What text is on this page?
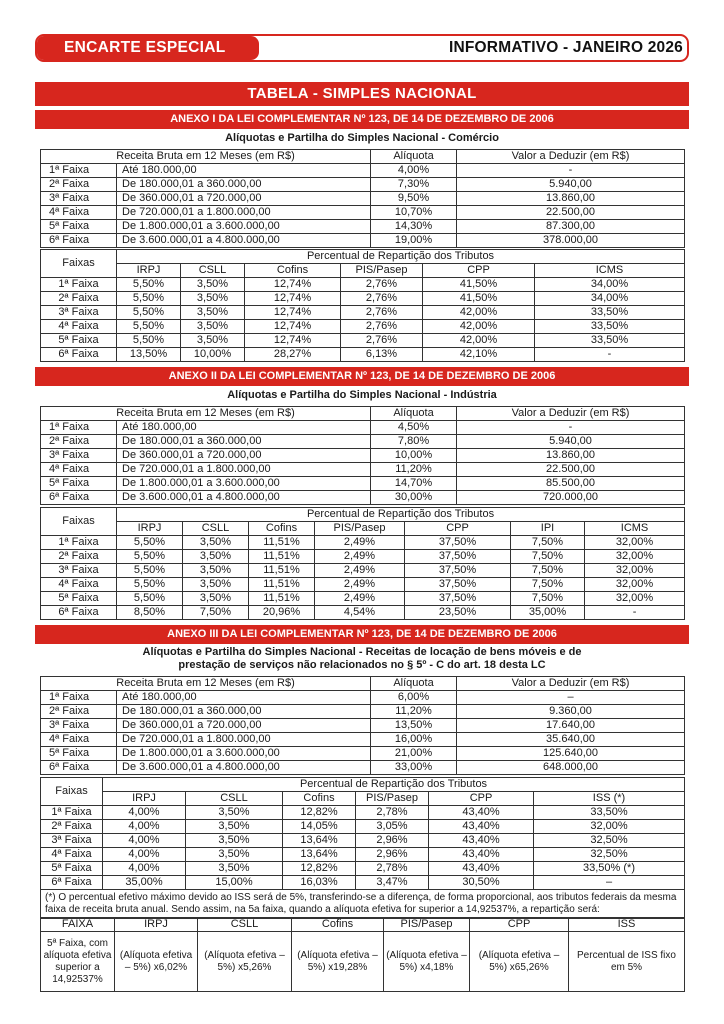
ENCARTE ESPECIAL	INFORMATIVO - JANEIRO 2026
TABELA - SIMPLES NACIONAL
ANEXO I DA LEI COMPLEMENTAR Nº 123, DE 14 DE DEZEMBRO DE 2006
Alíquotas e Partilha do Simples Nacional - Comércio
Receita Bruta em 12 Meses (em R$)		Alíquota	Valor a Deduzir (em R$)
1ª Faixa	Até 180.000,00	4,00%	-
2ª Faixa	De 180.000,01 a 360.000,00	7,30%	5.940,00
3ª Faixa	De 360.000,01 a 720.000,00	9,50%	13.860,00
4ª Faixa	De 720.000,01 a 1.800.000,00	10,70%	22.500,00
5ª Faixa	De 1.800.000,01 a 3.600.000,00	14,30%	87.300,00
6ª Faixa	De 3.600.000,01 a 4.800.000,00	19,00%	378.000,00
Faixas	Percentual de Repartição dos Tributos					
	IRPJ	CSLL	Cofins	PIS/Pasep	CPP	ICMS
1ª Faixa	5,50%	3,50%	12,74%	2,76%	41,50%	34,00%
2ª Faixa	5,50%	3,50%	12,74%	2,76%	41,50%	34,00%
3ª Faixa	5,50%	3,50%	12,74%	2,76%	42,00%	33,50%
4ª Faixa	5,50%	3,50%	12,74%	2,76%	42,00%	33,50%
5ª Faixa	5,50%	3,50%	12,74%	2,76%	42,00%	33,50%
6ª Faixa	13,50%	10,00%	28,27%	6,13%	42,10%	-
ANEXO II DA LEI COMPLEMENTAR Nº 123, DE 14 DE DEZEMBRO DE 2006
Alíquotas e Partilha do Simples Nacional - Indústria
Receita Bruta em 12 Meses (em R$)		Alíquota	Valor a Deduzir (em R$)
1ª Faixa	Até 180.000,00	4,50%	-
2ª Faixa	De 180.000,01 a 360.000,00	7,80%	5.940,00
3ª Faixa	De 360.000,01 a 720.000,00	10,00%	13.860,00
4ª Faixa	De 720.000,01 a 1.800.000,00	11,20%	22.500,00
5ª Faixa	De 1.800.000,01 a 3.600.000,00	14,70%	85.500,00
6ª Faixa	De 3.600.000,01 a 4.800.000,00	30,00%	720.000,00
Faixas	Percentual de Repartição dos Tributos						
	IRPJ	CSLL	Cofins	PIS/Pasep	CPP	IPI	ICMS
1ª Faixa	5,50%	3,50%	11,51%	2,49%	37,50%	7,50%	32,00%
2ª Faixa	5,50%	3,50%	11,51%	2,49%	37,50%	7,50%	32,00%
3ª Faixa	5,50%	3,50%	11,51%	2,49%	37,50%	7,50%	32,00%
4ª Faixa	5,50%	3,50%	11,51%	2,49%	37,50%	7,50%	32,00%
5ª Faixa	5,50%	3,50%	11,51%	2,49%	37,50%	7,50%	32,00%
6ª Faixa	8,50%	7,50%	20,96%	4,54%	23,50%	35,00%	-
ANEXO III DA LEI COMPLEMENTAR Nº 123, DE 14 DE DEZEMBRO DE 2006
Alíquotas e Partilha do Simples Nacional - Receitas de locação de bens móveis e de
prestação de serviços não relacionados no § 5º - C do art. 18 desta LC
Receita Bruta em 12 Meses (em R$)		Alíquota	Valor a Deduzir (em R$)
1ª Faixa	Até 180.000,00	6,00%	–
2ª Faixa	De 180.000,01 a 360.000,00	11,20%	9.360,00
3ª Faixa	De 360.000,01 a 720.000,00	13,50%	17.640,00
4ª Faixa	De 720.000,01 a 1.800.000,00	16,00%	35.640,00
5ª Faixa	De 1.800.000,01 a 3.600.000,00	21,00%	125.640,00
6ª Faixa	De 3.600.000,01 a 4.800.000,00	33,00%	648.000,00
Faixas	Percentual de Repartição dos Tributos					
	IRPJ	CSLL	Cofins	PIS/Pasep	CPP	ISS (*)
1ª Faixa	4,00%	3,50%	12,82%	2,78%	43,40%	33,50%
2ª Faixa	4,00%	3,50%	14,05%	3,05%	43,40%	32,00%
3ª Faixa	4,00%	3,50%	13,64%	2,96%	43,40%	32,50%
4ª Faixa	4,00%	3,50%	13,64%	2,96%	43,40%	32,50%
5ª Faixa	4,00%	3,50%	12,82%	2,78%	43,40%	33,50% (*)
6ª Faixa	35,00%	15,00%	16,03%	3,47%	30,50%	–
(*) O percentual efetivo máximo devido ao ISS será de 5%, transferindo-se a diferença, de forma proporcional, aos tributos federais da mesma faixa de receita bruta anual. Sendo assim, na 5a faixa, quando a alíquota efetiva for superior a 14,92537%, a repartição será:						
FAIXA	IRPJ	CSLL	Cofins	PIS/Pasep	CPP	ISS
5ª Faixa, com alíquota efetiva superior a 14,92537%	(Alíquota efetiva – 5%) x6,02%	(Alíquota efetiva – 5%) x5,26%	(Alíquota efetiva – 5%) x19,28%	(Alíquota efetiva – 5%) x4,18%	(Alíquota efetiva – 5%) x65,26%	Percentual de ISS fixo em 5%
